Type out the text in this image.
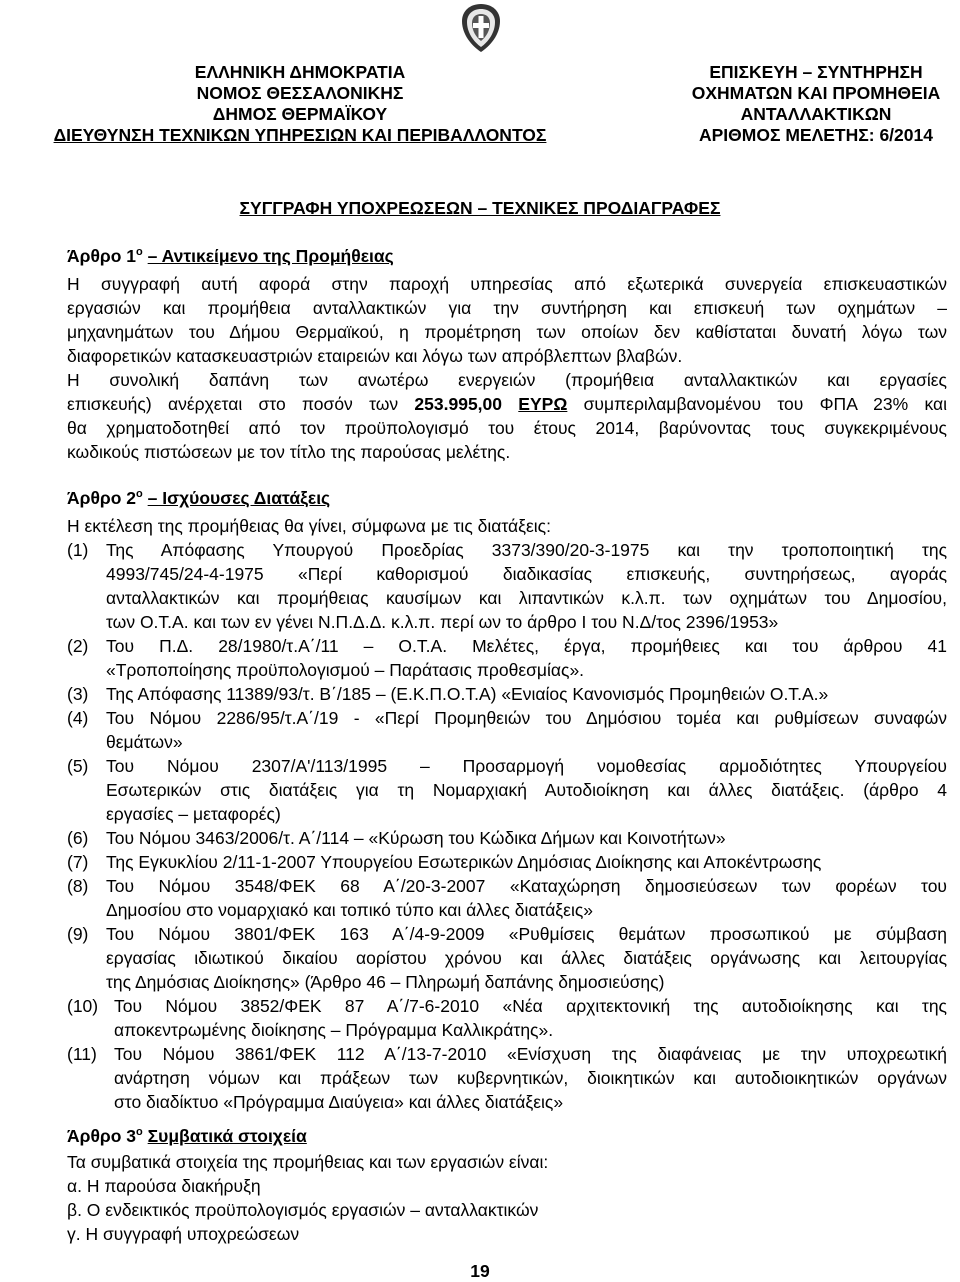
ΕΛΛΗΝΙΚΗ ΔΗΜΟΚΡΑΤΙΑ
ΝΟΜΟΣ ΘΕΣΣΑΛΟΝΙΚΗΣ
ΔΗΜΟΣ ΘΕΡΜΑΪΚΟΥ
ΔΙΕΥΘΥΝΣΗ ΤΕΧΝΙΚΩΝ ΥΠΗΡΕΣΙΩΝ ΚΑΙ ΠΕΡΙΒΑΛΛΟΝΤΟΣ
ΕΠΙΣΚΕΥΗ – ΣΥΝΤΗΡΗΣΗ
ΟΧΗΜΑΤΩΝ ΚΑΙ ΠΡΟΜΗΘΕΙΑ
ΑΝΤΑΛΛΑΚΤΙΚΩΝ
ΑΡΙΘΜΟΣ ΜΕΛΕΤΗΣ: 6/2014
ΣΥΓΓΡΑΦΗ ΥΠΟΧΡΕΩΣΕΩΝ – ΤΕΧΝΙΚΕΣ ΠΡΟΔΙΑΓΡΑΦΕΣ
Άρθρο $1^o$ – Αντικείμενο της Προμήθειας
Η συγγραφή αυτή αφορά στην παροχή υπηρεσίας από εξωτερικά συνεργεία επισκευαστικών
εργασιών και προμήθεια ανταλλακτικών για την συντήρηση και επισκευή των οχημάτων –
μηχανημάτων του Δήμου Θερμαϊκού, η προμέτρηση των οποίων δεν καθίσταται δυνατή λόγω των
διαφορετικών κατασκευαστριών εταιρειών και λόγω των απρόβλεπτων βλαβών.
Η συνολική δαπάνη των ανωτέρω ενεργειών (προμήθεια ανταλλακτικών και εργασίες
επισκευής) ανέρχεται στο ποσόν των 253.995,00 ΕΥΡΩ συμπεριλαμβανομένου του ΦΠΑ 23% και
θα χρηματοδοτηθεί από τον προϋπολογισμό του έτους 2014, βαρύνοντας τους συγκεκριμένους
κωδικούς πιστώσεων με τον τίτλο της παρούσας μελέτης.
Άρθρο $2^o$ – Ισχύουσες Διατάξεις
Η εκτέλεση της προμήθειας θα γίνει, σύμφωνα με τις διατάξεις:
(1) Της Απόφασης Υπουργού Προεδρίας 3373/390/20-3-1975 και την τροποποιητική της
4993/745/24-4-1975 «Περί καθορισμού διαδικασίας επισκευής, συντηρήσεως, αγοράς
ανταλλακτικών και προμήθειας καυσίμων και λιπαντικών κ.λ.π. των οχημάτων του Δημοσίου,
των Ο.Τ.Α. και των εν γένει Ν.Π.Δ.Δ. κ.λ.π. περί ων το άρθρο Ι του Ν.Δ/τος 2396/1953»
(2) Του Π.Δ. 28/1980/τ.Α΄/11 – Ο.Τ.Α. Μελέτες, έργα, προμήθειες και του άρθρου 41
«Τροποποίησης προϋπολογισμού – Παράτασις προθεσμίας».
(3) Της Απόφασης 11389/93/τ. Β΄/185 – (Ε.Κ.Π.Ο.Τ.Α) «Ενιαίος Κανονισμός Προμηθειών Ο.Τ.Α.»
(4) Του Νόμου 2286/95/τ.Α΄/19 - «Περί Προμηθειών του Δημόσιου τομέα και ρυθμίσεων συναφών
θεμάτων»
(5) Του Νόμου 2307/Α'/113/1995 – Προσαρμογή νομοθεσίας αρμοδιότητες Υπουργείου
Εσωτερικών στις διατάξεις για τη Νομαρχιακή Αυτοδιοίκηση και άλλες διατάξεις. (άρθρο 4
εργασίες – μεταφορές)
(6) Του Νόμου 3463/2006/τ. Α΄/114 – «Κύρωση του Κώδικα Δήμων και Κοινοτήτων»
(7) Της Εγκυκλίου 2/11-1-2007 Υπουργείου Εσωτερικών Δημόσιας Διοίκησης και Αποκέντρωσης
(8) Του Νόμου 3548/ΦΕΚ 68 Α΄/20-3-2007 «Καταχώρηση δημοσιεύσεων των φορέων του
Δημοσίου στο νομαρχιακό και τοπικό τύπο και άλλες διατάξεις»
(9) Του Νόμου 3801/ΦΕΚ 163 Α΄/4-9-2009 «Ρυθμίσεις θεμάτων προσωπικού με σύμβαση
εργασίας ιδιωτικού δικαίου αορίστου χρόνου και άλλες διατάξεις οργάνωσης και λειτουργίας
της Δημόσιας Διοίκησης» (Άρθρο 46 – Πληρωμή δαπάνης δημοσιεύσης)
(10) Του Νόμου 3852/ΦΕΚ 87 Α΄/7-6-2010 «Νέα αρχιτεκτονική της αυτοδιοίκησης και της
αποκεντρωμένης διοίκησης – Πρόγραμμα Καλλικράτης».
(11) Του Νόμου 3861/ΦΕΚ 112 Α΄/13-7-2010 «Ενίσχυση της διαφάνειας με την υποχρεωτική
ανάρτηση νόμων και πράξεων των κυβερνητικών, διοικητικών και αυτοδιοικητικών οργάνων
στο διαδίκτυο «Πρόγραμμα Διαύγεια» και άλλες διατάξεις»
Άρθρο $3^o$ Συμβατικά στοιχεία
Τα συμβατικά στοιχεία της προμήθειας και των εργασιών είναι:
α. Η παρούσα διακήρυξη
β. Ο ενδεικτικός προϋπολογισμός εργασιών – ανταλλακτικών
γ. Η συγγραφή υποχρεώσεων
19
